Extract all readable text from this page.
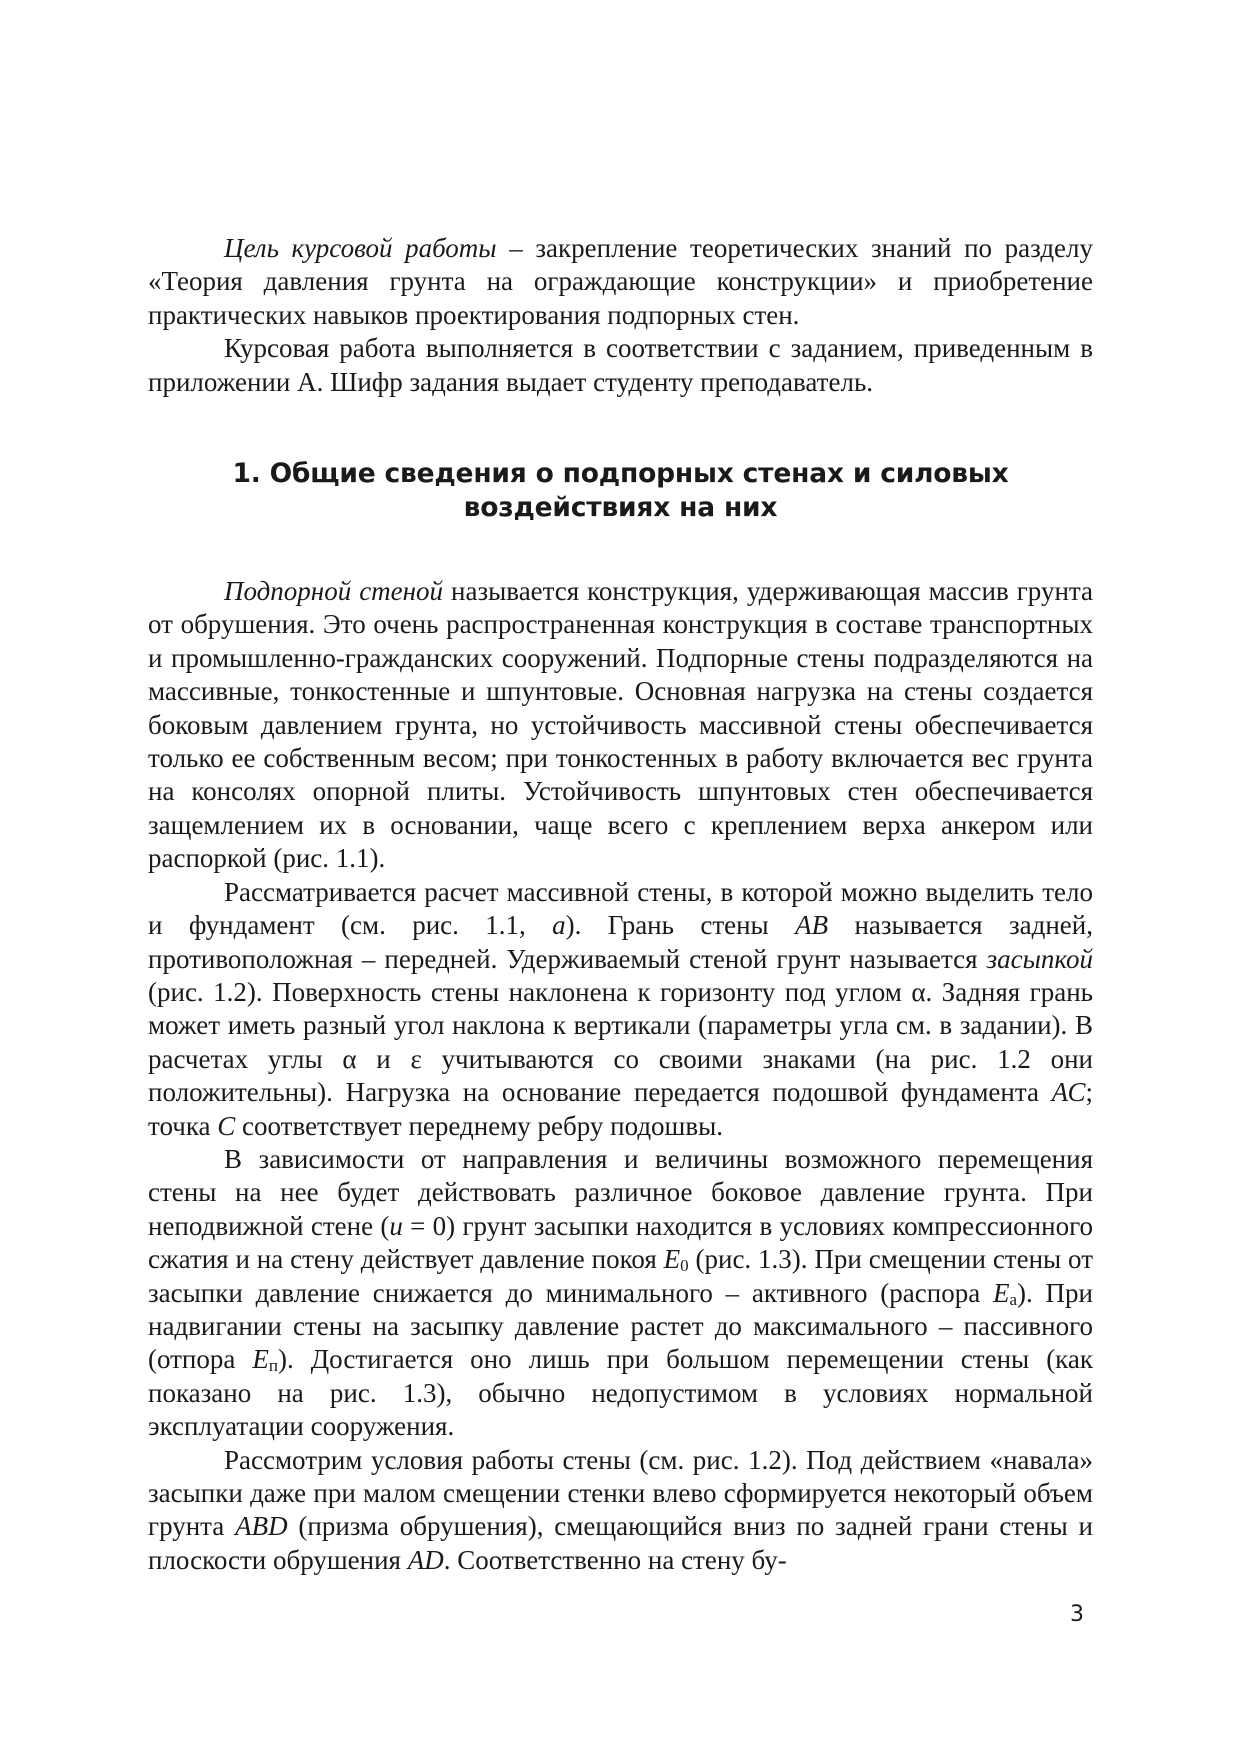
Цель курсовой работы – закрепление теоретических знаний по разделу «Теория давления грунта на ограждающие конструкции» и приобретение практических навыков проектирования подпорных стен.

Курсовая работа выполняется в соответствии с заданием, приведенным в приложении А. Шифр задания выдает студенту преподаватель.

1. Общие сведения о подпорных стенах и силовых
воздействиях на них

Подпорной стеной называется конструкция, удерживающая массив грунта от обрушения. Это очень распространенная конструкция в составе транспортных и промышленно-гражданских сооружений. Подпорные стены подразделяются на массивные, тонкостенные и шпунтовые. Основная нагрузка на стены создается боковым давлением грунта, но устойчивость массивной стены обеспечивается только ее собственным весом; при тонкостенных в работу включается вес грунта на консолях опорной плиты. Устойчивость шпунтовых стен обеспечивается защемлением их в основании, чаще всего с креплением верха анкером или распоркой (рис. 1.1).

Рассматривается расчет массивной стены, в которой можно выделить тело и фундамент (см. рис. 1.1, а). Грань стены АВ называется задней, противоположная – передней. Удерживаемый стеной грунт называется засыпкой (рис. 1.2). Поверхность стены наклонена к горизонту под углом α. Задняя грань может иметь разный угол наклона к вертикали (параметры угла см. в задании). В расчетах углы α и ε учитываются со своими знаками (на рис. 1.2 они положительны). Нагрузка на основание передается подошвой фундамента АС; точка С соответствует переднему ребру подошвы.

В зависимости от направления и величины возможного перемещения стены на нее будет действовать различное боковое давление грунта. При неподвижной стене (u = 0) грунт засыпки находится в условиях компрессионного сжатия и на стену действует давление покоя $E_0$ (рис. 1.3). При смещении стены от засыпки давление снижается до минимального – активного (распора $E_а$). При надвигании стены на засыпку давление растет до максимального – пассивного (отпора $E_п$). Достигается оно лишь при большом перемещении стены (как показано на рис. 1.3), обычно недопустимом в условиях нормальной эксплуатации сооружения.

Рассмотрим условия работы стены (см. рис. 1.2). Под действием «навала» засыпки даже при малом смещении стенки влево сформируется некоторый объем грунта ABD (призма обрушения), смещающийся вниз по задней грани стены и плоскости обрушения AD. Соответственно на стену бу-

3
